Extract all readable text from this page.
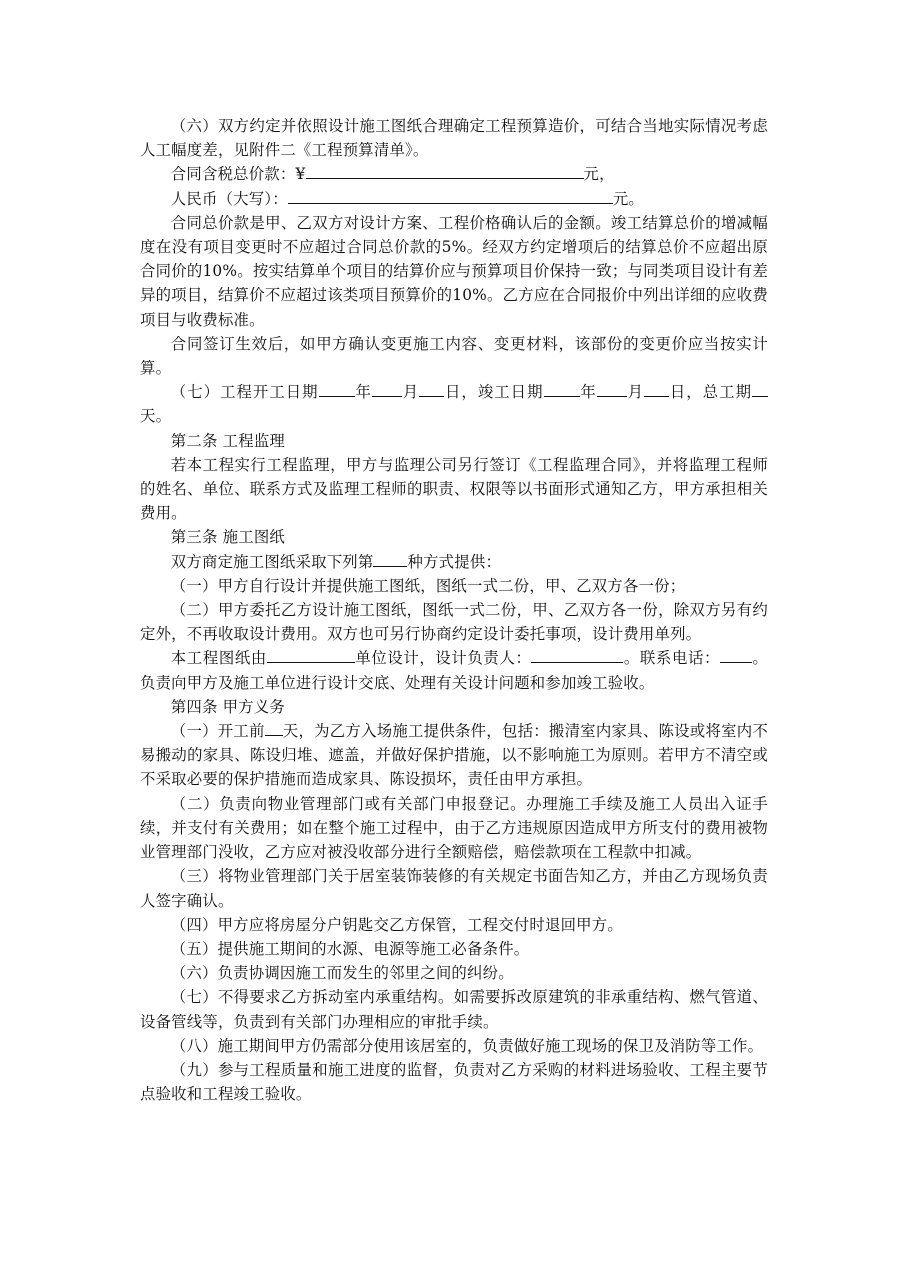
（六）双方约定并依照设计施工图纸合理确定工程预算造价，可结合当地实际情况考虑人工幅度差，见附件二《工程预算清单》。

合同含税总价款：¥	元，

人民币（大写）：	元。

合同总价款是甲、乙双方对设计方案、工程价格确认后的金额。竣工结算总价的增减幅度在没有项目变更时不应超过合同总价款的5%。经双方约定增项后的结算总价不应超出原合同价的10%。按实结算单个项目的结算价应与预算项目价保持一致；与同类项目设计有差异的项目，结算价不应超过该类项目预算价的10%。乙方应在合同报价中列出详细的应收费项目与收费标准。

合同签订生效后，如甲方确认变更施工内容、变更材料，该部份的变更价应当按实计算。

（七）工程开工日期 年 月 日，竣工日期 年 月 日，总工期天。

第二条 工程监理

若本工程实行工程监理，甲方与监理公司另行签订《工程监理合同》，并将监理工程师的姓名、单位、联系方式及监理工程师的职责、权限等以书面形式通知乙方，甲方承担相关费用。

第三条 施工图纸

双方商定施工图纸采取下列第 种方式提供：

（一）甲方自行设计并提供施工图纸，图纸一式二份，甲、乙双方各一份；

（二）甲方委托乙方设计施工图纸，图纸一式二份，甲、乙双方各一份，除双方另有约定外，不再收取设计费用。双方也可另行协商约定设计委托事项，设计费用单列。

本工程图纸由	单位设计，设计负责人：	。联系电话： 。负责向甲方及施工单位进行设计交底、处理有关设计问题和参加竣工验收。

第四条 甲方义务

（一）开工前 天，为乙方入场施工提供条件，包括：搬清室内家具、陈设或将室内不易搬动的家具、陈设归堆、遮盖，并做好保护措施，以不影响施工为原则。若甲方不清空或不采取必要的保护措施而造成家具、陈设损坏，责任由甲方承担。

（二）负责向物业管理部门或有关部门申报登记。办理施工手续及施工人员出入证手续，并支付有关费用；如在整个施工过程中，由于乙方违规原因造成甲方所支付的费用被物业管理部门没收，乙方应对被没收部分进行全额赔偿，赔偿款项在工程款中扣减。

（三）将物业管理部门关于居室装饰装修的有关规定书面告知乙方，并由乙方现场负责人签字确认。

（四）甲方应将房屋分户钥匙交乙方保管，工程交付时退回甲方。

（五）提供施工期间的水源、电源等施工必备条件。

（六）负责协调因施工而发生的邻里之间的纠纷。

（七）不得要求乙方拆动室内承重结构。如需要拆改原建筑的非承重结构、燃气管道、设备管线等，负责到有关部门办理相应的审批手续。

（八）施工期间甲方仍需部分使用该居室的，负责做好施工现场的保卫及消防等工作。

（九）参与工程质量和施工进度的监督，负责对乙方采购的材料进场验收、工程主要节点验收和工程竣工验收。
